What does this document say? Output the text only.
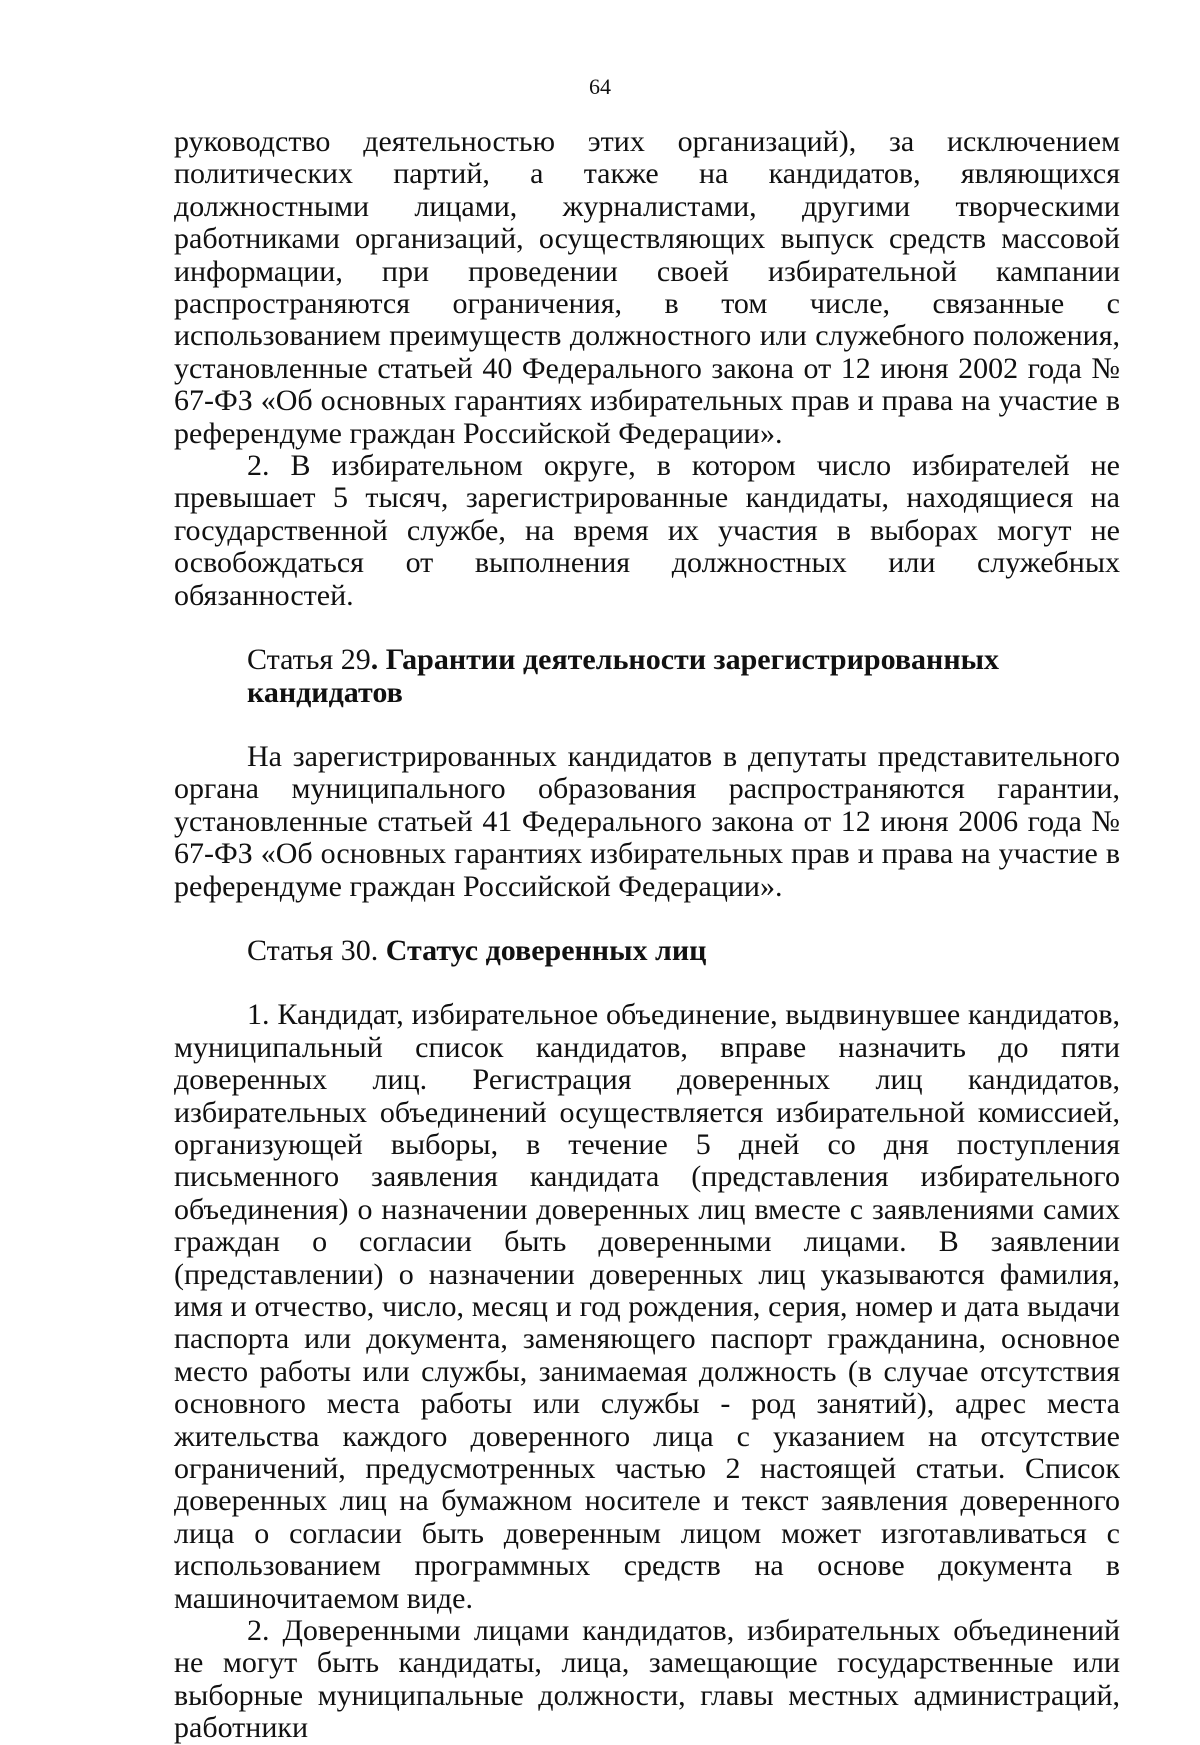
64

руководство деятельностью этих организаций), за исключением политических партий, а также на кандидатов, являющихся должностными лицами, журналистами, другими творческими работниками организаций, осуществляющих выпуск средств массовой информации, при проведении своей избирательной кампании распространяются ограничения, в том числе, связанные с использованием преимуществ должностного или служебного положения, установленные статьей 40 Федерального закона от 12 июня 2002 года № 67-ФЗ «Об основных гарантиях избирательных прав и права на участие в референдуме граждан Российской Федерации».

2. В избирательном округе, в котором число избирателей не превышает 5 тысяч, зарегистрированные кандидаты, находящиеся на государственной службе, на время их участия в выборах могут не освобождаться от выполнения должностных или служебных обязанностей.

Статья 29. Гарантии деятельности зарегистрированных кандидатов

На зарегистрированных кандидатов в депутаты представительного органа муниципального образования распространяются гарантии, установленные статьей 41 Федерального закона от 12 июня 2006 года № 67-ФЗ «Об основных гарантиях избирательных прав и права на участие в референдуме граждан Российской Федерации».

Статья 30. Статус доверенных лиц

1. Кандидат, избирательное объединение, выдвинувшее кандидатов, муниципальный список кандидатов, вправе назначить до пяти доверенных лиц. Регистрация доверенных лиц кандидатов, избирательных объединений осуществляется избирательной комиссией, организующей выборы, в течение 5 дней со дня поступления письменного заявления кандидата (представления избирательного объединения) о назначении доверенных лиц вместе с заявлениями самих граждан о согласии быть доверенными лицами. В заявлении (представлении) о назначении доверенных лиц указываются фамилия, имя и отчество, число, месяц и год рождения, серия, номер и дата выдачи паспорта или документа, заменяющего паспорт гражданина, основное место работы или службы, занимаемая должность (в случае отсутствия основного места работы или службы - род занятий), адрес места жительства каждого доверенного лица с указанием на отсутствие ограничений, предусмотренных частью 2 настоящей статьи. Список доверенных лиц на бумажном носителе и текст заявления доверенного лица о согласии быть доверенным лицом может изготавливаться с использованием программных средств на основе документа в машиночитаемом виде.

2. Доверенными лицами кандидатов, избирательных объединений не могут быть кандидаты, лица, замещающие государственные или выборные муниципальные должности, главы местных администраций, работники
